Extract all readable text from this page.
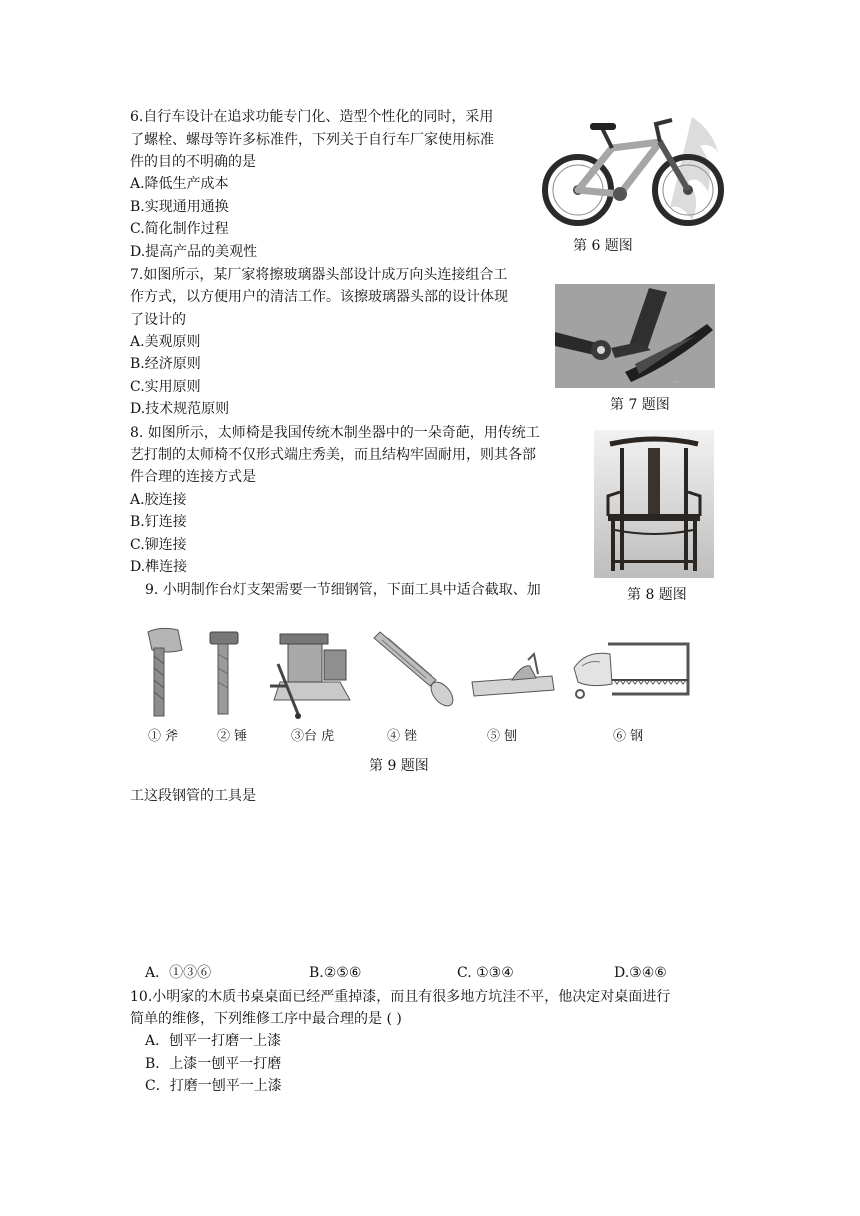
6.自行车设计在追求功能专门化、造型个性化的同时，采用
了螺栓、螺母等许多标准件，下列关于自行车厂家使用标准
件的目的不明确的是
A.降低生产成本
B.实现通用通换
C.简化制作过程
D.提高产品的美观性	第 6 题图
7.如图所示，某厂家将擦玻璃器头部设计成万向头连接组合工
作方式，以方便用户的清洁工作。该擦玻璃器头部的设计体现
了设计的
A.美观原则
B.经济原则
C.实用原则
D.技术规范原则
...
第 7 题图
8. 如图所示，太师椅是我国传统木制坐器中的一朵奇葩，用传统工
艺打制的太师椅不仅形式端庄秀美，而且结构牢固耐用，则其各部
件合理的连接方式是
A.胶连接
B.钉连接
C.铆连接
D.榫连接
第 8 题图
9. 小明制作台灯支架需要一节细钢管，下面工具中适合截取、加
① 斧	② 锤	③台 虎	④ 锉	⑤ 刨	⑥ 钢
第 9 题图
工这段钢管的工具是
A．①③⑥	B.②⑤⑥	C. ①③④	D.③④⑥
10.小明家的木质书桌桌面已经严重掉漆，而且有很多地方坑洼不平，他决定对桌面进行
简单的维修，下列维修工序中最合理的是 ( )
A．刨平一打磨一上漆
B．上漆一刨平一打磨
C．打磨一刨平一上漆
